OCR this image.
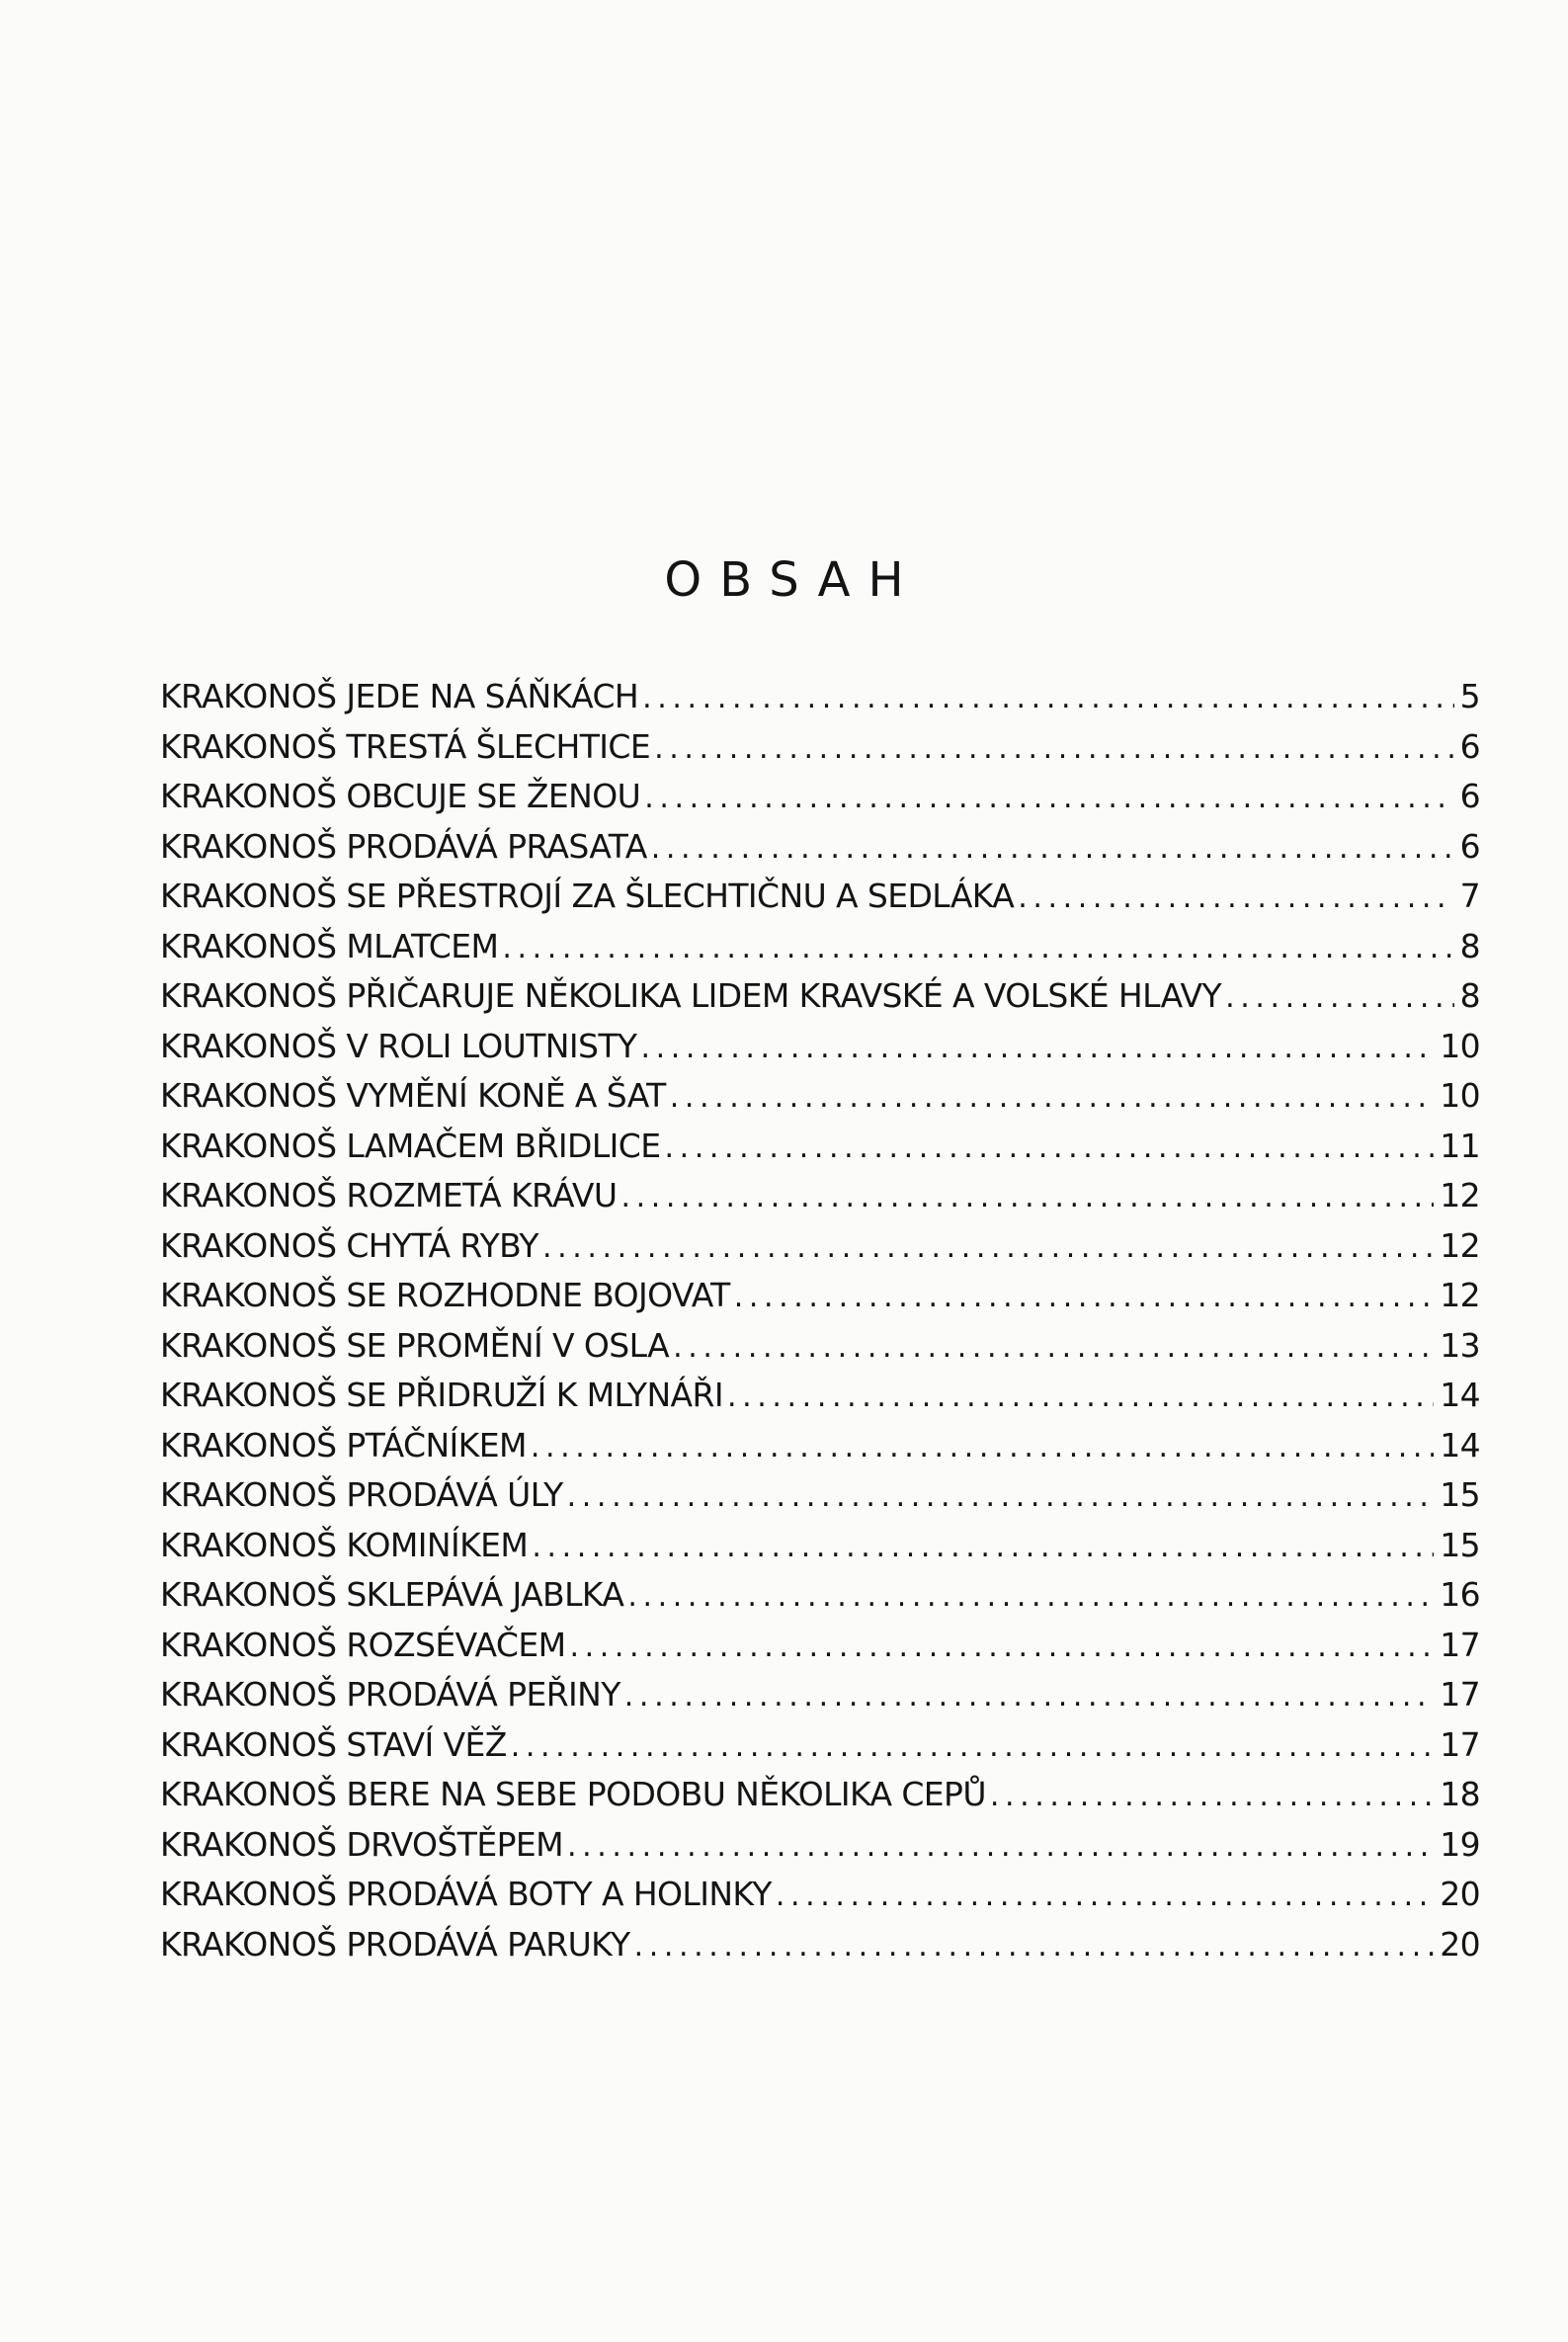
OBSAH
KRAKONOŠ JEDE NA SÁŇKÁCH .....	5
KRAKONOŠ TRESTÁ ŠLECHTICE .....	6
KRAKONOŠ OBCUJE SE ŽENOU .....	6
KRAKONOŠ PRODÁVÁ PRASATA .....	6
KRAKONOŠ SE PŘESTROJÍ ZA ŠLECHTIČNU A SEDLÁKA .....	7
KRAKONOŠ MLATCEM .....	8
KRAKONOŠ PŘIČARUJE NĚKOLIKA LIDEM KRAVSKÉ A VOLSKÉ HLAVY .....	8
KRAKONOŠ V ROLI LOUTNISTY .....	10
KRAKONOŠ VYMĚNÍ KONĚ A ŠAT .....	10
KRAKONOŠ LAMAČEM BŘIDLICE .....	11
KRAKONOŠ ROZMETÁ KRÁVU .....	12
KRAKONOŠ CHYTÁ RYBY .....	12
KRAKONOŠ SE ROZHODNE BOJOVAT .....	12
KRAKONOŠ SE PROMĚNÍ V OSLA .....	13
KRAKONOŠ SE PŘIDRUŽÍ K MLYNÁŘI .....	14
KRAKONOŠ PTÁČNÍKEM .....	14
KRAKONOŠ PRODÁVÁ ÚLY .....	15
KRAKONOŠ KOMINÍKEM .....	15
KRAKONOŠ SKLEPÁVÁ JABLKA .....	16
KRAKONOŠ ROZSÉVAČEM .....	17
KRAKONOŠ PRODÁVÁ PEŘINY .....	17
KRAKONOŠ STAVÍ VĚŽ .....	17
KRAKONOŠ BERE NA SEBE PODOBU NĚKOLIKA CEPŮ .....	18
KRAKONOŠ DRVOŠTĚPEM .....	19
KRAKONOŠ PRODÁVÁ BOTY A HOLINKY .....	20
KRAKONOŠ PRODÁVÁ PARUKY .....	20
